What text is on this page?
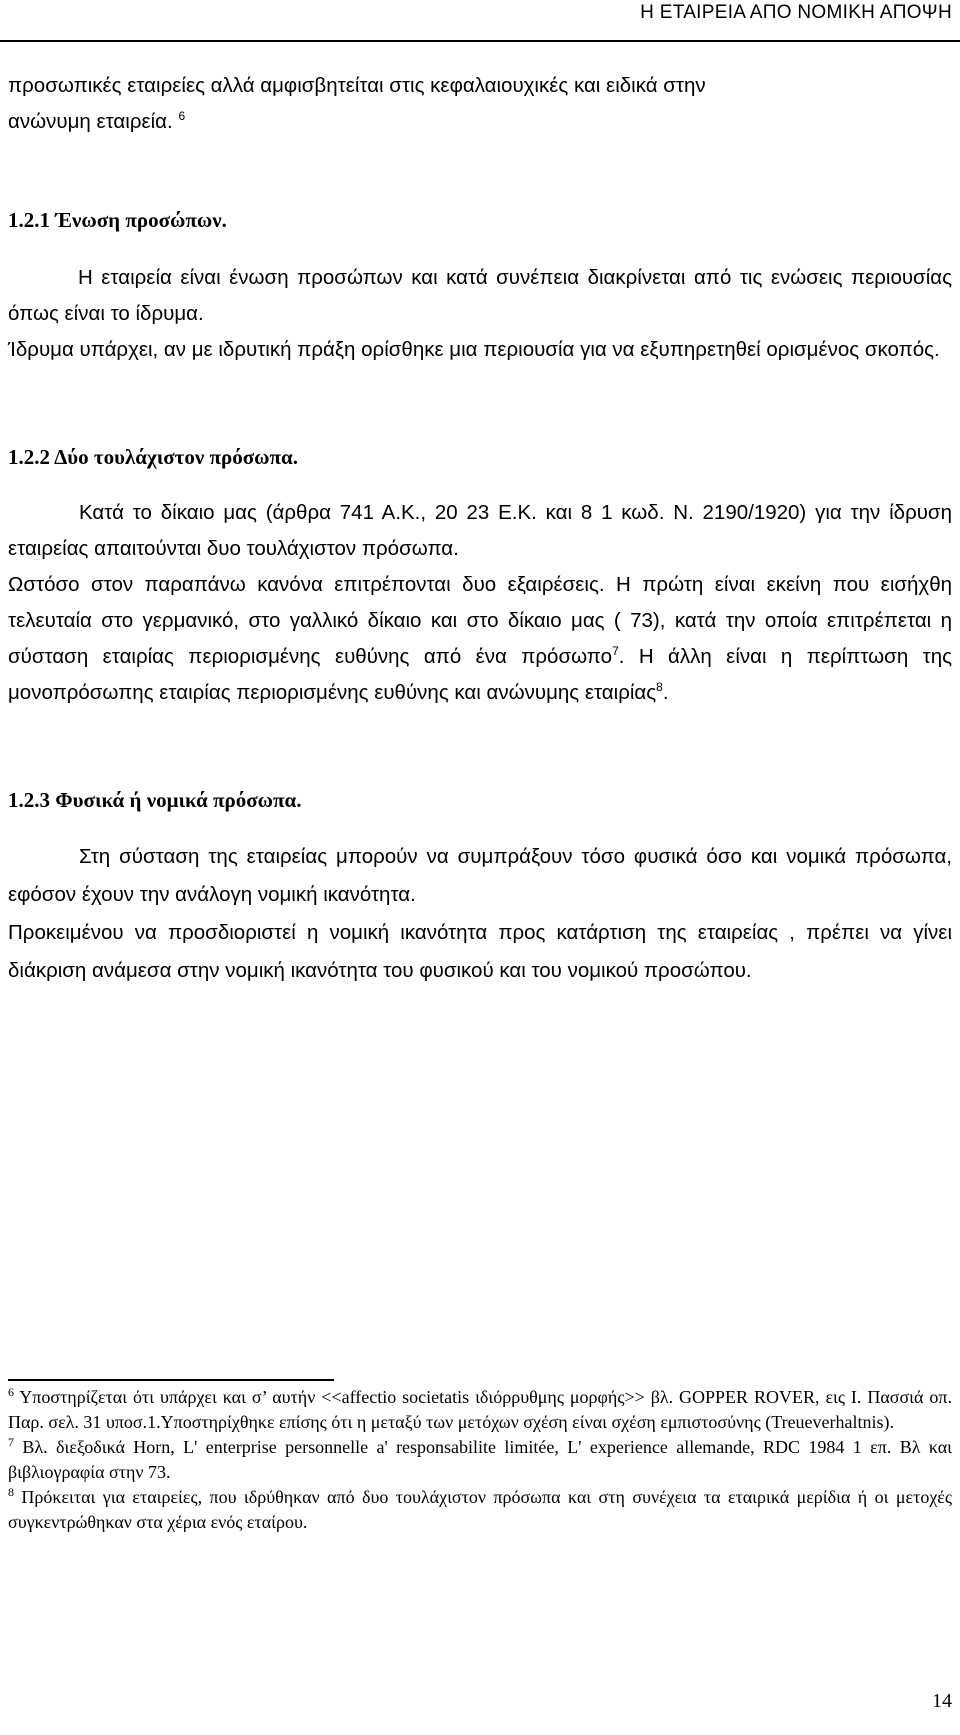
Η ΕΤΑΙΡΕΙΑ ΑΠΟ ΝΟΜΙΚΗ ΑΠΟΨΗ

προσωπικές εταιρείες αλλά αμφισβητείται στις κεφαλαιουχικές και ειδικά στην
ανώνυμη εταιρεία. $^6$

1.2.1 Ένωση προσώπων.

Η εταιρεία είναι ένωση προσώπων και κατά συνέπεια διακρίνεται από τις ενώσεις περιουσίας όπως είναι το ίδρυμα.

Ίδρυμα υπάρχει, αν με ιδρυτική πράξη ορίσθηκε μια περιουσία για να εξυπηρετηθεί ορισμένος σκοπός.

1.2.2 Δύο τουλάχιστον πρόσωπα.

Κατά το δίκαιο μας (άρθρα 741 Α.Κ., 20 23 Ε.Κ. και 8 1 κωδ. Ν. 2190/1920) για την ίδρυση εταιρείας απαιτούνται δυο τουλάχιστον πρόσωπα.

Ωστόσο στον παραπάνω κανόνα επιτρέπονται δυο εξαιρέσεις. Η πρώτη είναι εκείνη που εισήχθη τελευταία στο γερμανικό, στο γαλλικό δίκαιο και στο δίκαιο μας ( 73), κατά την οποία επιτρέπεται η σύσταση εταιρίας περιορισμένης ευθύνης από ένα πρόσωπο$^7$. Η άλλη είναι η περίπτωση της μονοπρόσωπης εταιρίας περιορισμένης ευθύνης και ανώνυμης εταιρίας$^8$.

1.2.3 Φυσικά ή νομικά πρόσωπα.

Στη σύσταση της εταιρείας μπορούν να συμπράξουν τόσο φυσικά όσο και νομικά πρόσωπα, εφόσον έχουν την ανάλογη νομική ικανότητα.

Προκειμένου να προσδιοριστεί η νομική ικανότητα προς κατάρτιση της εταιρείας , πρέπει να γίνει διάκριση ανάμεσα στην νομική ικανότητα του φυσικού και του νομικού προσώπου.

$^6$ Υποστηρίζεται ότι υπάρχει και σ’ αυτήν <<affectio societatis ιδιόρρυθμης μορφής>> βλ. GOPPER ROVER, εις Ι. Πασσιά οπ. Παρ. σελ. 31 υποσ.1.Υποστηρίχθηκε επίσης ότι η μεταξύ των μετόχων σχέση είναι σχέση εμπιστοσύνης (Treueverhaltnis).

$^7$ Βλ. διεξοδικά Horn, L' enterprise personnelle a' responsabilite limitée, L' experience allemande, RDC 1984 1 επ. Βλ και βιβλιογραφία στην 73.

$^8$ Πρόκειται για εταιρείες, που ιδρύθηκαν από δυο τουλάχιστον πρόσωπα και στη συνέχεια τα εταιρικά μερίδια ή οι μετοχές συγκεντρώθηκαν στα χέρια ενός εταίρου.

14
